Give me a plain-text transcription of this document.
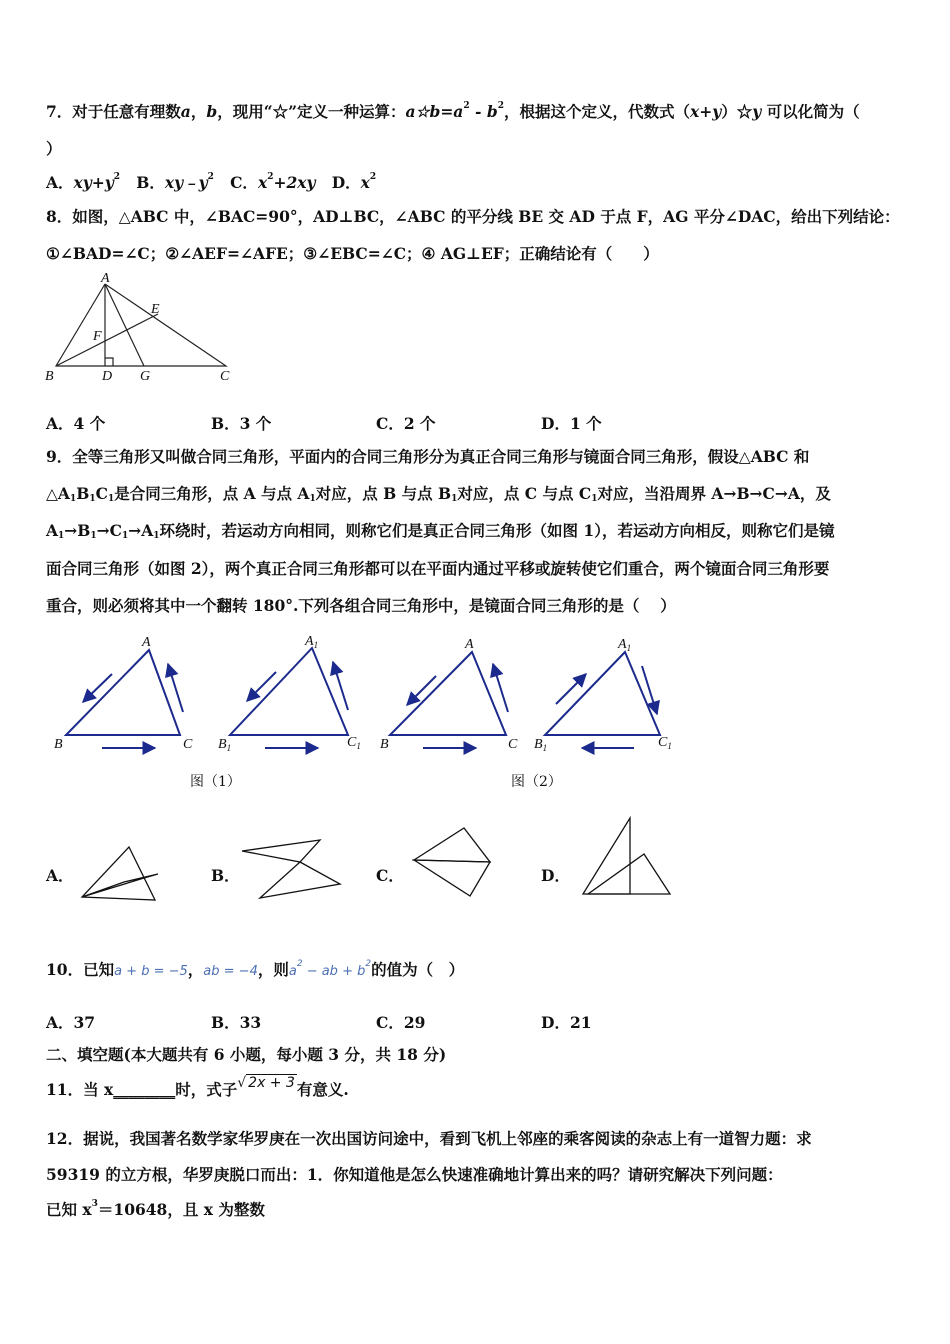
7．对于任意有理数a，b，现用“☆”定义一种运算：$a☆b=a^2 - b^2$，根据这个定义，代数式（x+y）☆y 可以化简为（
）
A．$xy+y^2$ B．$xy﹣y^2$ C．$x^2+2xy$ D．$x^2$
8．如图，△ABC 中，∠BAC=90°，AD⊥BC，∠ABC 的平分线 BE 交 AD 于点 F，AG 平分∠DAC，给出下列结论：
①∠BAD=∠C；②∠AEF=∠AFE；③∠EBC=∠C；④ AG⊥EF；正确结论有（　　）
A
B	D G	C
E
F
A．4 个	B．3 个	C．2 个	D．1 个
9．全等三角形又叫做合同三角形，平面内的合同三角形分为真正合同三角形与镜面合同三角形，假设△ABC 和
△A1B1C1是合同三角形，点 A 与点 A1对应，点 B 与点 B1对应，点 C 与点 C1对应，当沿周界 A→B→C→A，及
A1→B1→C1→A1环绕时，若运动方向相同，则称它们是真正合同三角形（如图 1），若运动方向相反，则称它们是镜
面合同三角形（如图 2），两个真正合同三角形都可以在平面内通过平移或旋转使它们重合，两个镜面合同三角形要
重合，则必须将其中一个翻转 180°.下列各组合同三角形中，是镜面合同三角形的是（　 ）
A
B	C
$A_1$
$B_1$	$C_1$
A
B	C
$A_1$
$B_1$	$C_1$
图（1）	图（2）
A．	B．	C．	D．
10．已知a + b = −5，ab = −4，则$a^2$ − ab + $b^2$的值为（　）
A．37	B．33	C．29	D．21
二、填空题(本大题共有 6 小题，每小题 3 分，共 18 分)
11．当 x________时，式子√ 2x + 3 有意义.
12．据说，我国著名数学家华罗庚在一次出国访问途中，看到飞机上邻座的乘客阅读的杂志上有一道智力题：求
59319 的立方根，华罗庚脱口而出：1．你知道他是怎么快速准确地计算出来的吗？请研究解决下列问题：
已知 $x^3=10648$，且 x 为整数
